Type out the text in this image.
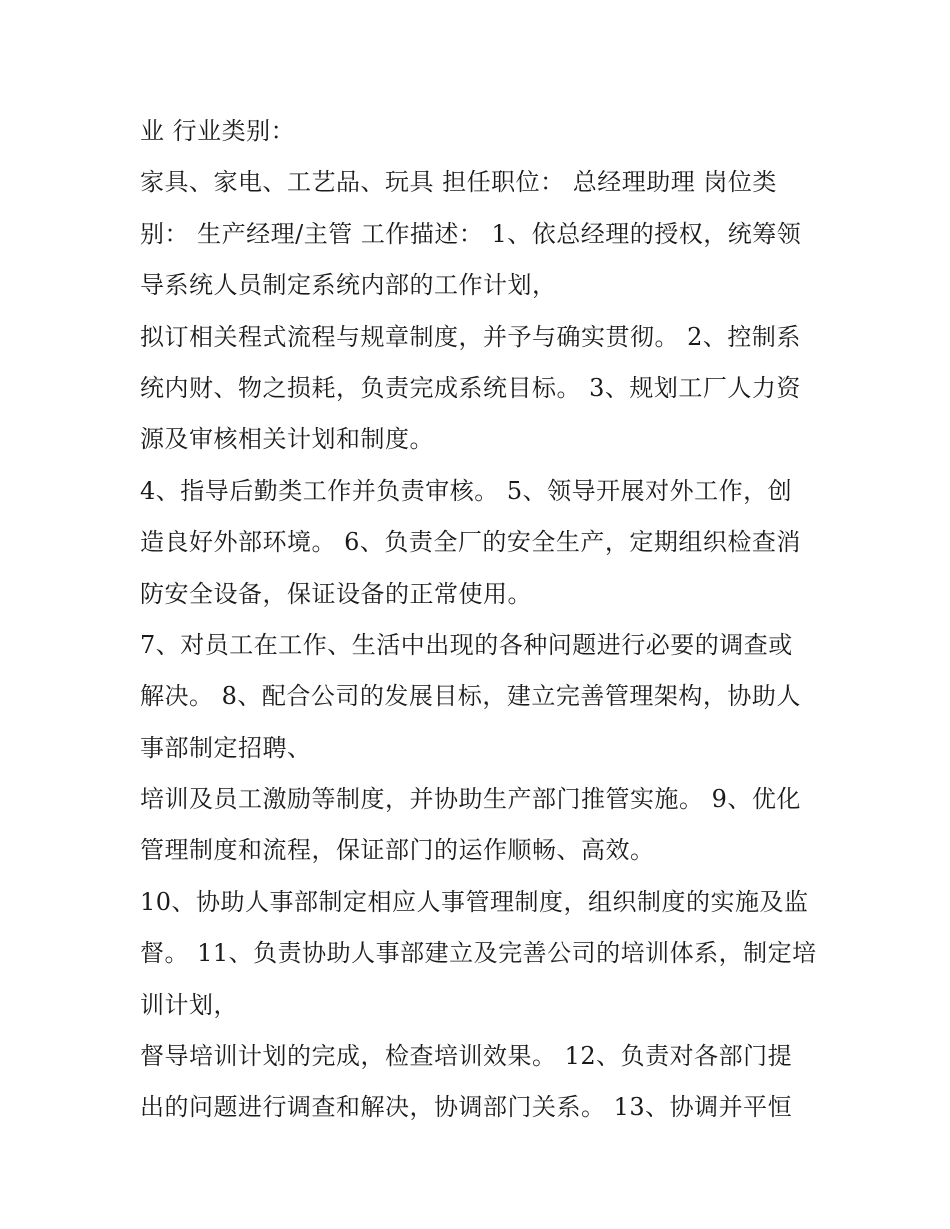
业 行业类别：
家具、家电、工艺品、玩具 担任职位： 总经理助理 岗位类
别： 生产经理/主管 工作描述： 1、依总经理的授权，统筹领
导系统人员制定系统内部的工作计划，
拟订相关程式流程与规章制度，并予与确实贯彻。 2、控制系
统内财、物之损耗，负责完成系统目标。 3、规划工厂人力资
源及审核相关计划和制度。
4、指导后勤类工作并负责审核。 5、领导开展对外工作，创
造良好外部环境。 6、负责全厂的安全生产，定期组织检查消
防安全设备，保证设备的正常使用。
7、对员工在工作、生活中出现的各种问题进行必要的调查或
解决。 8、配合公司的发展目标，建立完善管理架构，协助人
事部制定招聘、
培训及员工激励等制度，并协助生产部门推管实施。 9、优化
管理制度和流程，保证部门的运作顺畅、高效。
10、协助人事部制定相应人事管理制度，组织制度的实施及监
督。 11、负责协助人事部建立及完善公司的培训体系，制定培
训计划，
督导培训计划的完成，检查培训效果。 12、负责对各部门提
出的问题进行调查和解决，协调部门关系。 13、协调并平恒
